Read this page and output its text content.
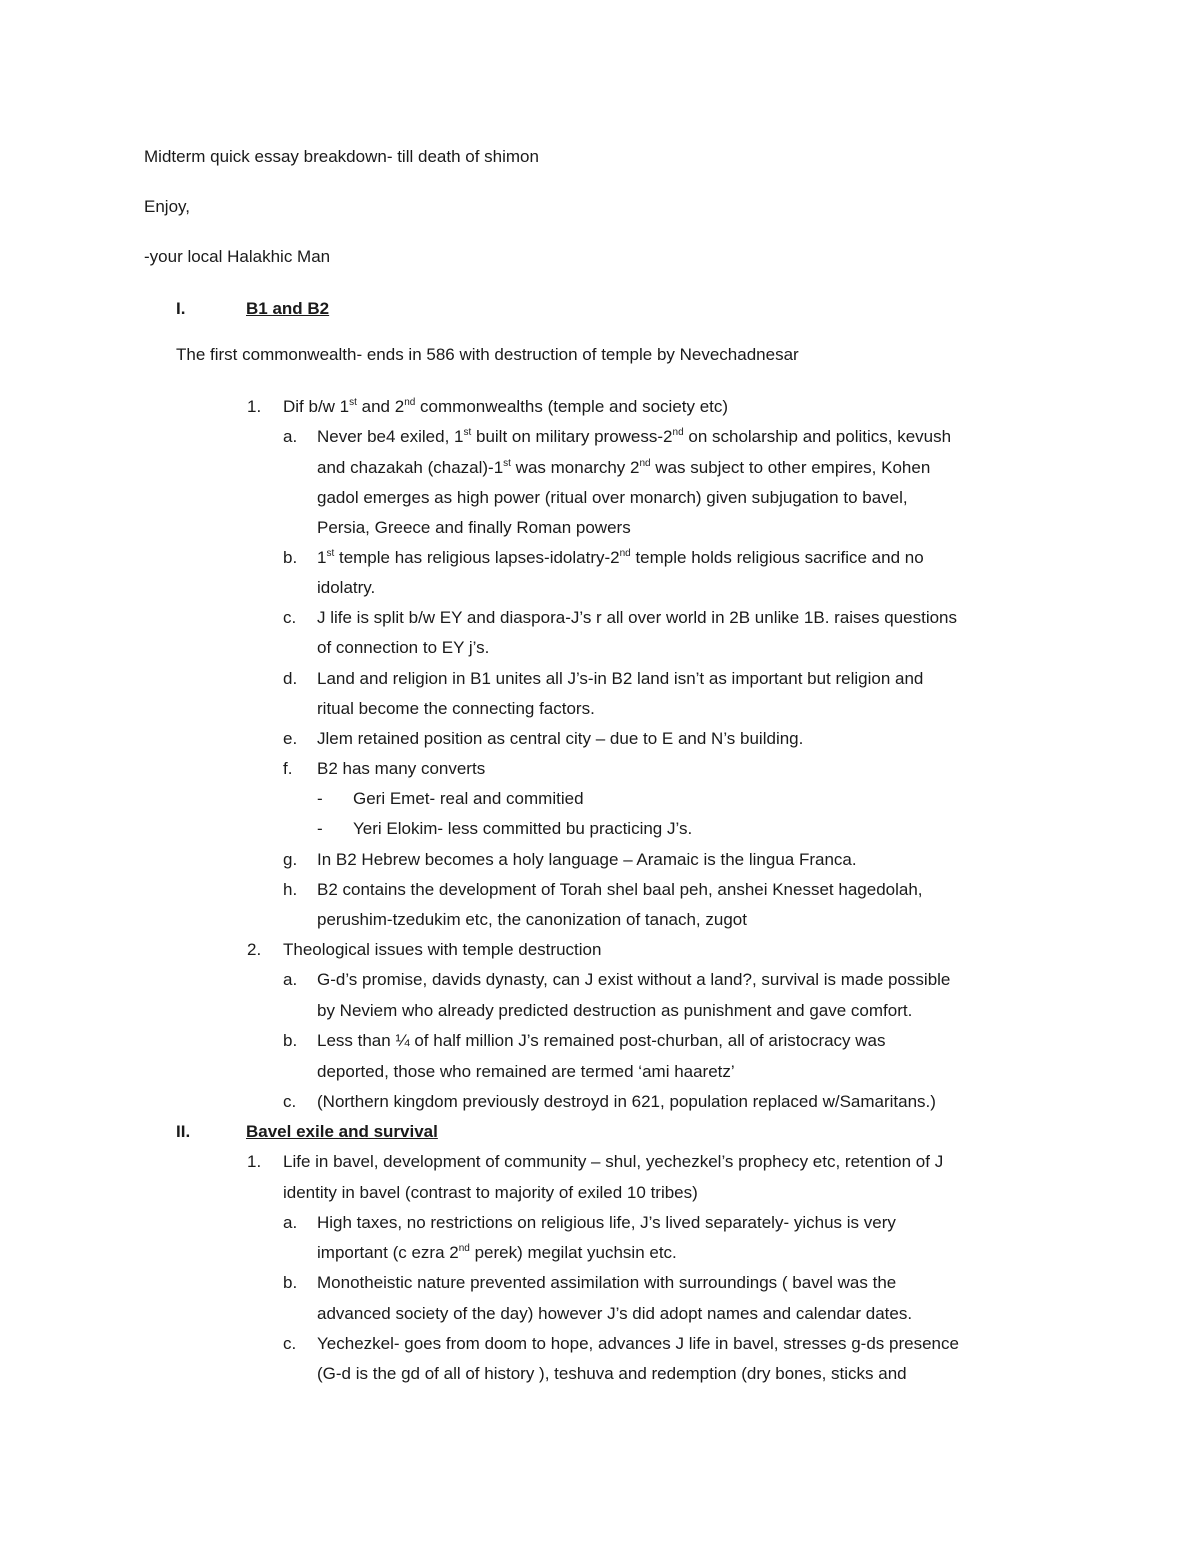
Midterm quick essay breakdown- till death of shimon
Enjoy,
-your local Halakhic Man
I.	B1 and B2
The first commonwealth- ends in 586 with destruction of temple by Nevechadnesar
1. Dif b/w 1st and 2nd commonwealths (temple and society etc)
a. Never be4 exiled, 1st built on military prowess-2nd on scholarship and politics, kevush
and chazakah (chazal)-1st was monarchy 2nd was subject to other empires, Kohen
gadol emerges as high power (ritual over monarch) given subjugation to bavel,
Persia, Greece and finally Roman powers
b. 1st temple has religious lapses-idolatry-2nd temple holds religious sacrifice and no
idolatry.
c. J life is split b/w EY and diaspora-J’s r all over world in 2B unlike 1B. raises questions
of connection to EY j’s.
d. Land and religion in B1 unites all J’s-in B2 land isn’t as important but religion and
ritual become the connecting factors.
e. Jlem retained position as central city – due to E and N’s building.
f. B2 has many converts
- Geri Emet- real and commitied
- Yeri Elokim- less committed bu practicing J’s.
g. In B2 Hebrew becomes a holy language – Aramaic is the lingua Franca.
h. B2 contains the development of Torah shel baal peh, anshei Knesset hagedolah,
perushim-tzedukim etc, the canonization of tanach, zugot
2. Theological issues with temple destruction
a. G-d’s promise, davids dynasty, can J exist without a land?, survival is made possible
by Neviem who already predicted destruction as punishment and gave comfort.
b. Less than ¼ of half million J’s remained post-churban, all of aristocracy was
deported, those who remained are termed ‘ami haaretz’
c. (Northern kingdom previously destroyd in 621, population replaced w/Samaritans.)
II.	Bavel exile and survival
1. Life in bavel, development of community – shul, yechezkel’s prophecy etc, retention of J
identity in bavel (contrast to majority of exiled 10 tribes)
a. High taxes, no restrictions on religious life, J’s lived separately- yichus is very
important (c ezra 2nd perek) megilat yuchsin etc.
b. Monotheistic nature prevented assimilation with surroundings ( bavel was the
advanced society of the day) however J’s did adopt names and calendar dates.
c. Yechezkel- goes from doom to hope, advances J life in bavel, stresses g-ds presence
(G-d is the gd of all of history ), teshuva and redemption (dry bones, sticks and
